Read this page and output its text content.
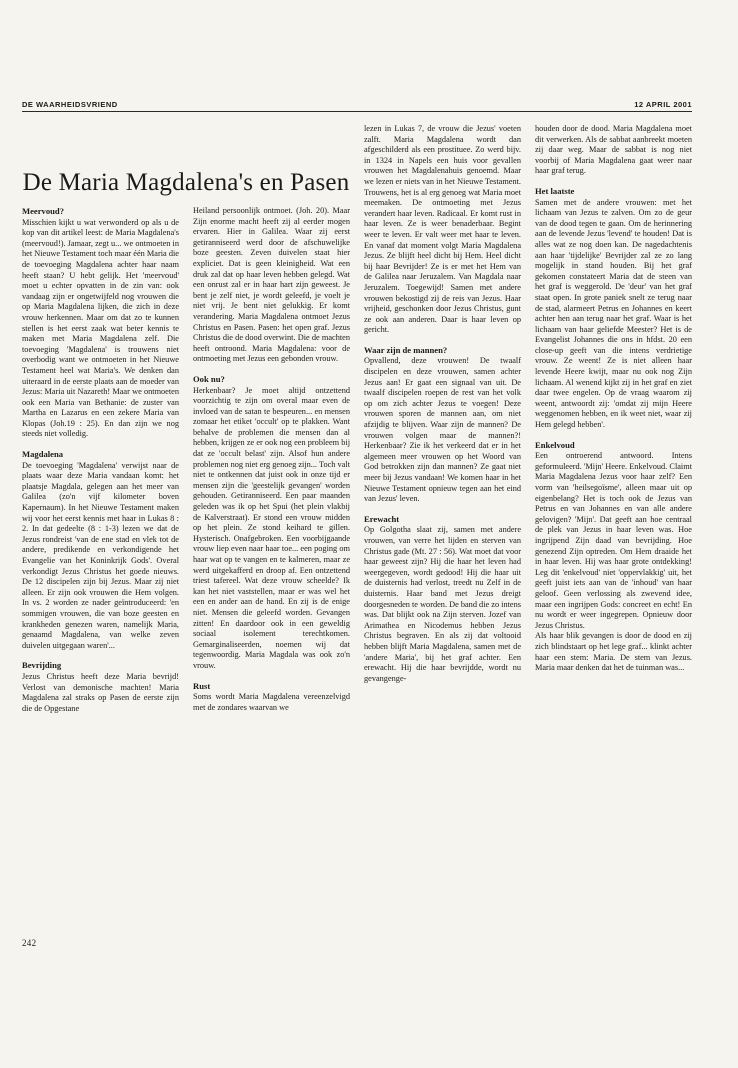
DE WAARHEIDSVRIEND	12 APRIL 2001
De Maria Magdalena's en Pasen
Meervoud?

Misschien kijkt u wat verwonderd op als u de kop van dit artikel leest: de Maria Magdalena's (meervoud!). Jamaar, zegt u... we ontmoeten in het Nieuwe Testament toch maar één Maria die de toevoeging Magdalena achter haar naam heeft staan? U hebt gelijk. Het 'meervoud' moet u echter opvatten in de zin van: ook vandaag zijn er ongetwijfeld nog vrouwen die op Maria Magdalena lijken, die zich in deze vrouw herkennen. Maar om dat zo te kunnen stellen is het eerst zaak wat beter kennis te maken met Maria Magdalena zelf. Die toevoeging 'Magdalena' is trouwens niet overbodig want we ontmoeten in het Nieuwe Testament heel wat Maria's. We denken dan uiteraard in de eerste plaats aan de moeder van Jezus: Maria uit Nazareth! Maar we ontmoeten ook een Maria van Bethanie: de zuster van Martha en Lazarus en een zekere Maria van Klopas (Joh.19 : 25). En dan zijn we nog steeds niet volledig.

Magdalena

De toevoeging 'Magdalena' verwijst naar de plaats waar deze Maria vandaan komt: het plaatsje Magdala, gelegen aan het meer van Galilea (zo'n vijf kilometer boven Kapernaum). In het Nieuwe Testament maken wij voor het eerst kennis met haar in Lukas 8 : 2. In dat gedeelte (8 : 1-3) lezen we dat de Jezus rondreist 'van de ene stad en vlek tot de andere, predikende en verkondigende het Evangelie van het Koninkrijk Gods'. Overal verkondigt Jezus Christus het goede nieuws. De 12 discipelen zijn bij Jezus. Maar zij niet alleen. Er zijn ook vrouwen die Hem volgen. In vs. 2 worden ze nader geïntroduceerd: 'en sommigen vrouwen, die van boze geesten en krankheden genezen waren, namelijk Maria, genaamd Magdalena, van welke zeven duivelen uitgegaan waren'...

Bevrijding

Jezus Christus heeft deze Maria bevrijd! Verlost van demonische machten! Maria Magdalena zal straks op Pasen de eerste zijn die de Opgestane

Heiland persoonlijk ontmoet. (Joh. 20). Maar Zijn enorme macht heeft zij al eerder mogen ervaren. Hier in Galilea. Waar zij eerst getiranniseerd werd door de afschuwelijke boze geesten. Zeven duivelen staat hier expliciet. Dat is geen kleinigheid. Wat een druk zal dat op haar leven hebben gelegd. Wat een onrust zal er in haar hart zijn geweest. Je bent je zelf niet, je wordt geleefd, je voelt je niet vrij. Je bent niet gelukkig. Er komt verandering. Maria Magdalena ontmoet Jezus Christus en Pasen. Pasen: het open graf. Jezus Christus die de dood overwint. Die de machten heeft ontroond. Maria Magdalena: voor de ontmoeting met Jezus een gebonden vrouw.

Ook nu?

Herkenbaar? Je moet altijd ontzettend voorzichtig te zijn om overal maar even de invloed van de satan te bespeuren... en mensen zomaar het etiket 'occult' op te plakken. Want behalve de problemen die mensen dan al hebben, krijgen ze er ook nog een probleem bij dat ze 'occult belast' zijn. Alsof hun andere problemen nog niet erg genoeg zijn... Toch valt niet te ontkennen dat juist ook in onze tijd er mensen zijn die 'geestelijk gevangen' worden gehouden. Getiranniseerd. Een paar maanden geleden was ik op het Spui (het plein vlakbij de Kalverstraat). Er stond een vrouw midden op het plein. Ze stond keihard te gillen. Hysterisch. Onafgebroken. Een voorbijgaande vrouw liep even naar haar toe... een poging om haar wat op te vangen en te kalmeren, maar ze werd uitgekafferd en droop af. Een ontzettend triest tafereel. Wat deze vrouw scheelde? Ik kan het niet vaststellen, maar er was wel het een en ander aan de hand. En zij is de enige niet. Mensen die geleefd worden. Gevangen zitten! En daardoor ook in een geweldig sociaal isolement terechtkomen. Gemarginaliseerden, noemen wij dat tegenwoordig. Maria Magdala was ook zo'n vrouw.

Rust

Soms wordt Maria Magdalena vereenzelvigd met de zondares waarvan we

lezen in Lukas 7, de vrouw die Jezus' voeten zalft. Maria Magdalena wordt dan afgeschilderd als een prostituee. Zo werd bijv. in 1324 in Napels een huis voor gevallen vrouwen het Magdalenahuis genoemd. Maar we lezen er niets van in het Nieuwe Testament. Trouwens, het is al erg genoeg wat Maria moet meemaken. De ontmoeting met Jezus verandert haar leven. Radicaal. Er komt rust in haar leven. Ze is weer benaderbaar. Begint weer te leven. Er valt weer met haar te leven. En vanaf dat moment volgt Maria Magdalena Jezus. Ze blijft heel dicht bij Hem. Heel dicht bij haar Bevrijder! Ze is er met het Hem van de Galilea naar Jeruzalem. Van Magdala naar Jeruzalem. Toegewijd! Samen met andere vrouwen bekostigd zij de reis van Jezus. Haar vrijheid, geschonken door Jezus Christus, gunt ze ook aan anderen. Daar is haar leven op gericht.

Waar zijn de mannen?

Opvallend, deze vrouwen! De twaalf discipelen en deze vrouwen, samen achter Jezus aan! Er gaat een signaal van uit. De twaalf discipelen roepen de rest van het volk op om zich achter Jezus te voegen! Deze vrouwen sporen de mannen aan, om niet afzijdig te blijven. Waar zijn de mannen? De vrouwen volgen maar de mannen?! Herkenbaar? Zie ik het verkeerd dat er in het algemeen meer vrouwen op het Woord van God betrokken zijn dan mannen? Ze gaat niet meer bij Jezus vandaan! We komen haar in het Nieuwe Testament opnieuw tegen aan het eind van Jezus' leven.

Erewacht

Op Golgotha slaat zij, samen met andere vrouwen, van verre het lijden en sterven van Christus gade (Mt. 27 : 56). Wat moet dat voor haar geweest zijn? Hij die haar het leven had weergegeven, wordt gedood! Hij die haar uit de duisternis had verlost, treedt nu Zelf in de duisternis. Haar band met Jezus dreigt doorgesneden te worden. De band die zo intens was. Dat blijkt ook na Zijn sterven. Jozef van Arimathea en Nicodemus hebben Jezus Christus begraven. En als zij dat voltooid hebben blijft Maria Magdalena, samen met de 'andere Maria', bij het graf achter. Een erewacht. Hij die haar bevrijdde, wordt nu gevangenge-

houden door de dood. Maria Magdalena moet dit verwerken. Als de sabbat aanbreekt moeten zij daar weg. Maar de sabbat is nog niet voorbij of Maria Magdalena gaat weer naar haar graf terug.

Het laatste

Samen met de andere vrouwen: met het lichaam van Jezus te zalven. Om zo de geur van de dood tegen te gaan. Om de herinnering aan de levende Jezus 'levend' te houden! Dat is alles wat ze nog doen kan. De nagedachtenis aan haar 'tijdelijke' Bevrijder zal ze zo lang mogelijk in stand houden. Bij het graf gekomen constateert Maria dat de steen van het graf is weggerold. De 'deur' van het graf staat open. In grote paniek snelt ze terug naar de stad, alarmeert Petrus en Johannes en keert achter hen aan terug naar het graf. Waar is het lichaam van haar geliefde Meester? Het is de Evangelist Johannes die ons in hfdst. 20 een close-up geeft van die intens verdrietige vrouw. Ze weent! Ze is niet alleen haar levende Heere kwijt, maar nu ook nog Zijn lichaam. Al wenend kijkt zij in het graf en ziet daar twee engelen. Op de vraag waarom zij weent, antwoordt zij: 'omdat zij mijn Heere weggenomen hebben, en ik weet niet, waar zij Hem gelegd hebben'.

Enkelvoud

Een ontroerend antwoord. Intens geformuleerd. 'Mijn' Heere. Enkelvoud. Claimt Maria Magdalena Jezus voor haar zelf? Een vorm van 'heilsegoïsme', alleen maar uit op eigenbelang? Het is toch ook de Jezus van Petrus en van Johannes en van alle andere gelovigen? 'Mijn'. Dat geeft aan hoe centraal de plek van Jezus in haar leven was. Hoe ingrijpend Zijn daad van bevrijding. Hoe genezend Zijn optreden. Om Hem draaide het in haar leven. Hij was haar grote ontdekking! Leg dit 'enkelvoud' niet 'oppervlakkig' uit, het geeft juist iets aan van de 'inhoud' van haar geloof. Geen verlossing als zwevend idee, maar een ingrijpen Gods: concreet en echt! En nu wordt er weer ingegrepen. Opnieuw door Jezus Christus.

Als haar blik gevangen is door de dood en zij zich blindstaart op het lege graf... klinkt achter haar een stem: Maria. De stem van Jezus. Maria maar denken dat het de tuinman was...

242
